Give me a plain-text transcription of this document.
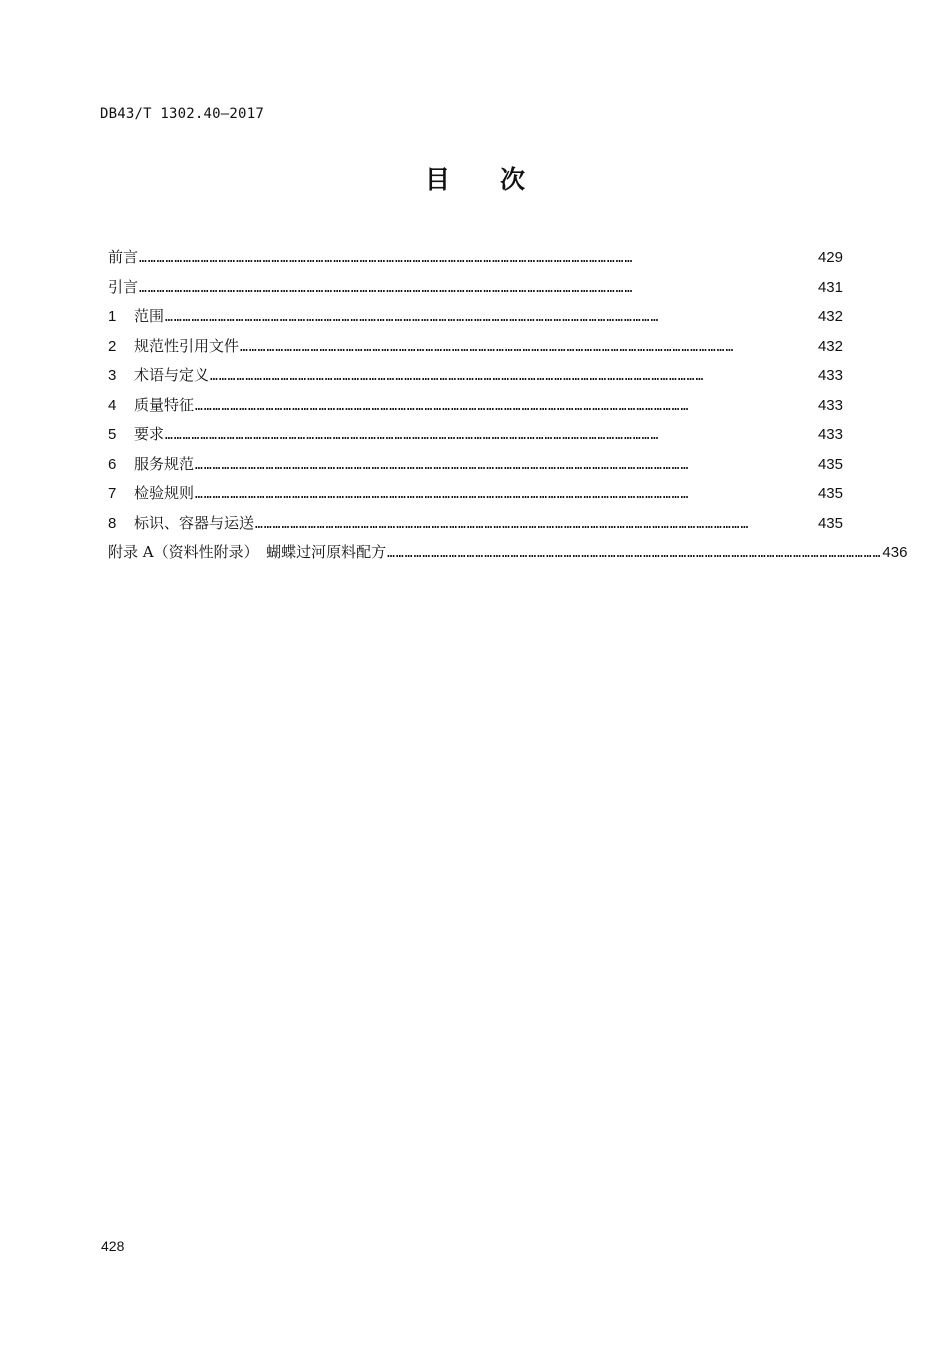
DB43/T 1302.40—2017
目 次
前言 ……………………………………………………………………………………………………………………………………………………	429
引言 ……………………………………………………………………………………………………………………………………………………	431
1	范围 ……………………………………………………………………………………………………………………………………………………	432
2	规范性引用文件 ……………………………………………………………………………………………………………………………………………………	432
3	术语与定义 ……………………………………………………………………………………………………………………………………………………	433
4	质量特征 ……………………………………………………………………………………………………………………………………………………	433
5	要求 ……………………………………………………………………………………………………………………………………………………	433
6	服务规范 ……………………………………………………………………………………………………………………………………………………	435
7	检验规则 ……………………………………………………………………………………………………………………………………………………	435
8	标识、容器与运送 ……………………………………………………………………………………………………………………………………………………	435
附录 A（资料性附录）　蝴蝶过河原料配方 …………………………………………………………………………………………………………………………………………………… 436
428
